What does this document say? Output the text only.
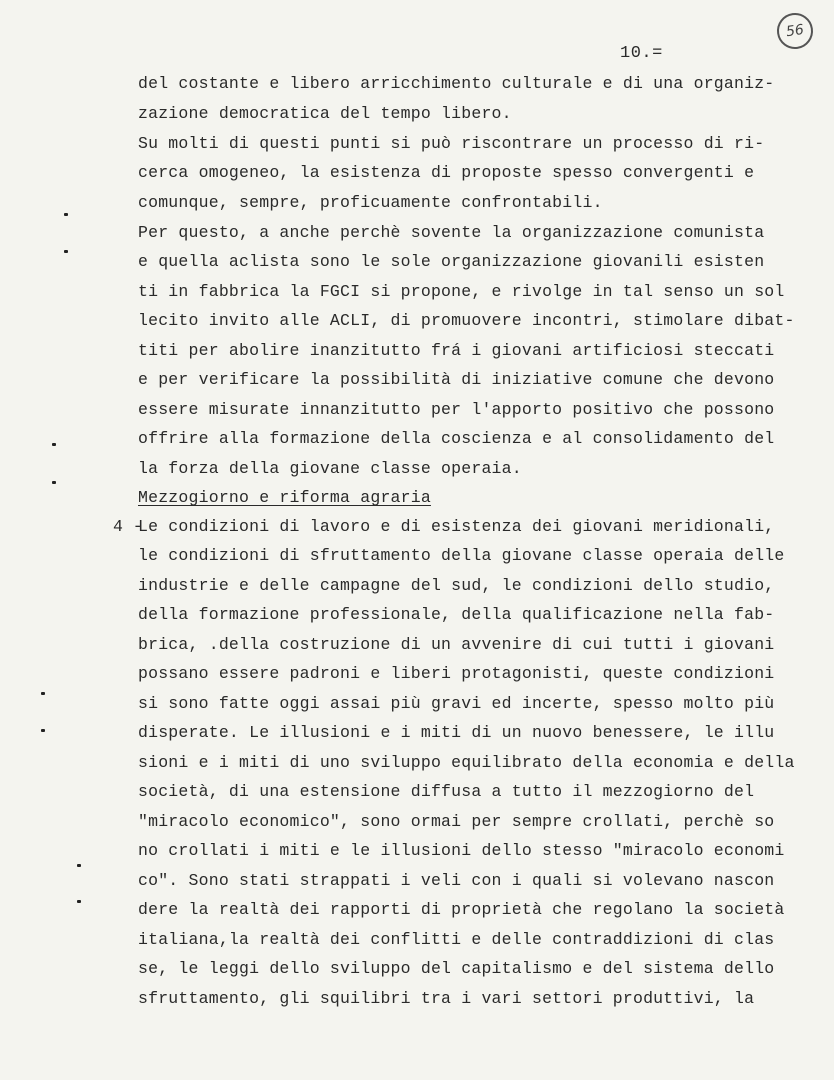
56
10.=
del costante e libero arricchimento culturale e di una organiz-
zazione democratica del tempo libero.
Su molti di questi punti si può riscontrare un processo di ri-
cerca omogeneo, la esistenza di proposte spesso convergenti e
comunque, sempre, proficuamente confrontabili.
Per questo, a anche perchè sovente la organizzazione comunista
e quella aclista sono le sole organizzazione giovanili esisten
ti in fabbrica la FGCI si propone, e rivolge in tal senso un sol
lecito invito alle ACLI, di promuovere incontri, stimolare dibat-
titi per abolire inanzitutto frá i giovani artificiosi steccati
e per verificare la possibilità di iniziative comune che devono
essere misurate innanzitutto per l'apporto positivo che possono
offrire alla formazione della coscienza e al consolidamento del
la forza della giovane classe operaia.
Mezzogiorno e riforma agraria
4 -
Le condizioni di lavoro e di esistenza dei giovani meridionali,
le condizioni di sfruttamento della giovane classe operaia delle
industrie e delle campagne del sud, le condizioni dello studio,
della formazione professionale, della qualificazione nella fab-
brica, .della costruzione di un avvenire di cui tutti i giovani
possano essere padroni e liberi protagonisti, queste condizioni
si sono fatte oggi assai più gravi ed incerte, spesso molto più
disperate. Le illusioni e i miti di un nuovo benessere, le illu
sioni e i miti di uno sviluppo equilibrato della economia e della
società, di una estensione diffusa a tutto il mezzogiorno del
"miracolo economico", sono ormai per sempre crollati, perchè so
no crollati i miti e le illusioni dello stesso "miracolo economi
co". Sono stati strappati i veli con i quali si volevano nascon
dere la realtà dei rapporti di proprietà che regolano la società
italiana,la realtà dei conflitti e delle contraddizioni di clas
se, le leggi dello sviluppo del capitalismo e del sistema dello
sfruttamento, gli squilibri tra i vari settori produttivi, la
